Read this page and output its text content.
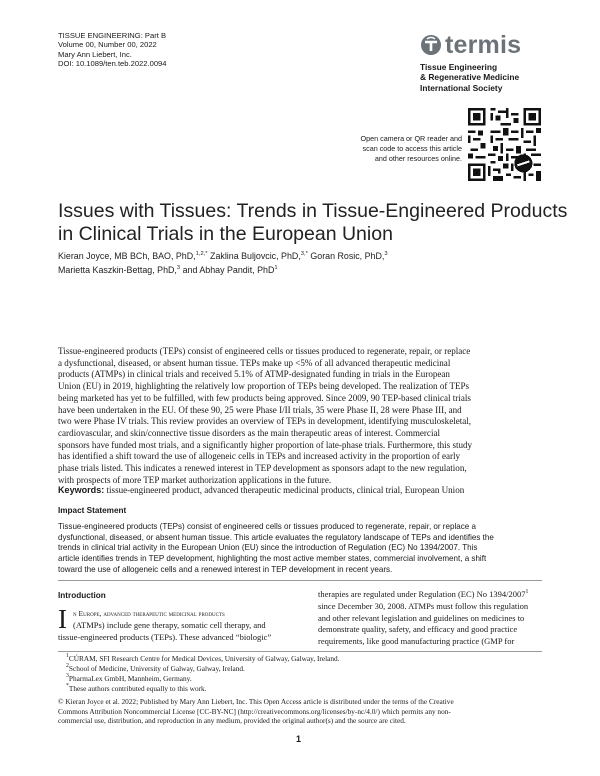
TISSUE ENGINEERING: Part B
Volume 00, Number 00, 2022
Mary Ann Liebert, Inc.
DOI: 10.1089/ten.teb.2022.0094
termis
Tissue Engineering
& Regenerative Medicine
International Society
Open camera or QR reader and
scan code to access this article
and other resources online.
Issues with Tissues: Trends in Tissue-Engineered Products
in Clinical Trials in the European Union
Kieran Joyce, MB BCh, BAO, PhD,$^{1,2,*}$ Zaklina Buljovcic, PhD,$^{3,*}$ Goran Rosic, PhD,$^3$
Marietta Kaszkin-Bettag, PhD,$^3$ and Abhay Pandit, PhD$^1$
Tissue-engineered products (TEPs) consist of engineered cells or tissues produced to regenerate, repair, or replace
a dysfunctional, diseased, or absent human tissue. TEPs make up <5% of all advanced therapeutic medicinal
products (ATMPs) in clinical trials and received 5.1% of ATMP-designated funding in trials in the European
Union (EU) in 2019, highlighting the relatively low proportion of TEPs being developed. The realization of TEPs
being marketed has yet to be fulfilled, with few products being approved. Since 2009, 90 TEP-based clinical trials
have been undertaken in the EU. Of these 90, 25 were Phase I/II trials, 35 were Phase II, 28 were Phase III, and
two were Phase IV trials. This review provides an overview of TEPs in development, identifying musculoskeletal,
cardiovascular, and skin/connective tissue disorders as the main therapeutic areas of interest. Commercial
sponsors have funded most trials, and a significantly higher proportion of late-phase trials. Furthermore, this study
has identified a shift toward the use of allogeneic cells in TEPs and increased activity in the proportion of early
phase trials listed. This indicates a renewed interest in TEP development as sponsors adapt to the new regulation,
with prospects of more TEP market authorization applications in the future.
Keywords: tissue-engineered product, advanced therapeutic medicinal products, clinical trial, European Union
Impact Statement
Tissue-engineered products (TEPs) consist of engineered cells or tissues produced to regenerate, repair, or replace a
dysfunctional, diseased, or absent human tissue. This article evaluates the regulatory landscape of TEPs and identifies the
trends in clinical trial activity in the European Union (EU) since the introduction of Regulation (EC) No 1394/2007. This
article identifies trends in TEP development, highlighting the most active member states, commercial involvement, a shift
toward the use of allogeneic cells and a renewed interest in TEP development in recent years.
Introduction
n Europe, advanced therapeutic medicinal products
(ATMPs) include gene therapy, somatic cell therapy, and
tissue-engineered products (TEPs). These advanced “biologic”
I
therapies are regulated under Regulation (EC) No 1394/2007$^1$
since December 30, 2008. ATMPs must follow this regulation
and other relevant legislation and guidelines on medicines to
demonstrate quality, safety, and efficacy and good practice
requirements, like good manufacturing practice (GMP for
$^1$CÚRAM, SFI Research Centre for Medical Devices, University of Galway, Galway, Ireland.
$^2$School of Medicine, University of Galway, Galway, Ireland.
$^3$PharmaLex GmbH, Mannheim, Germany.
*These authors contributed equally to this work.
© Kieran Joyce et al. 2022; Published by Mary Ann Liebert, Inc. This Open Access article is distributed under the terms of the Creative
Commons Attribution Noncommercial License [CC-BY-NC] (http://creativecommons.org/licenses/by-nc/4.0/) which permits any non-
commercial use, distribution, and reproduction in any medium, provided the original author(s) and the source are cited.
1
